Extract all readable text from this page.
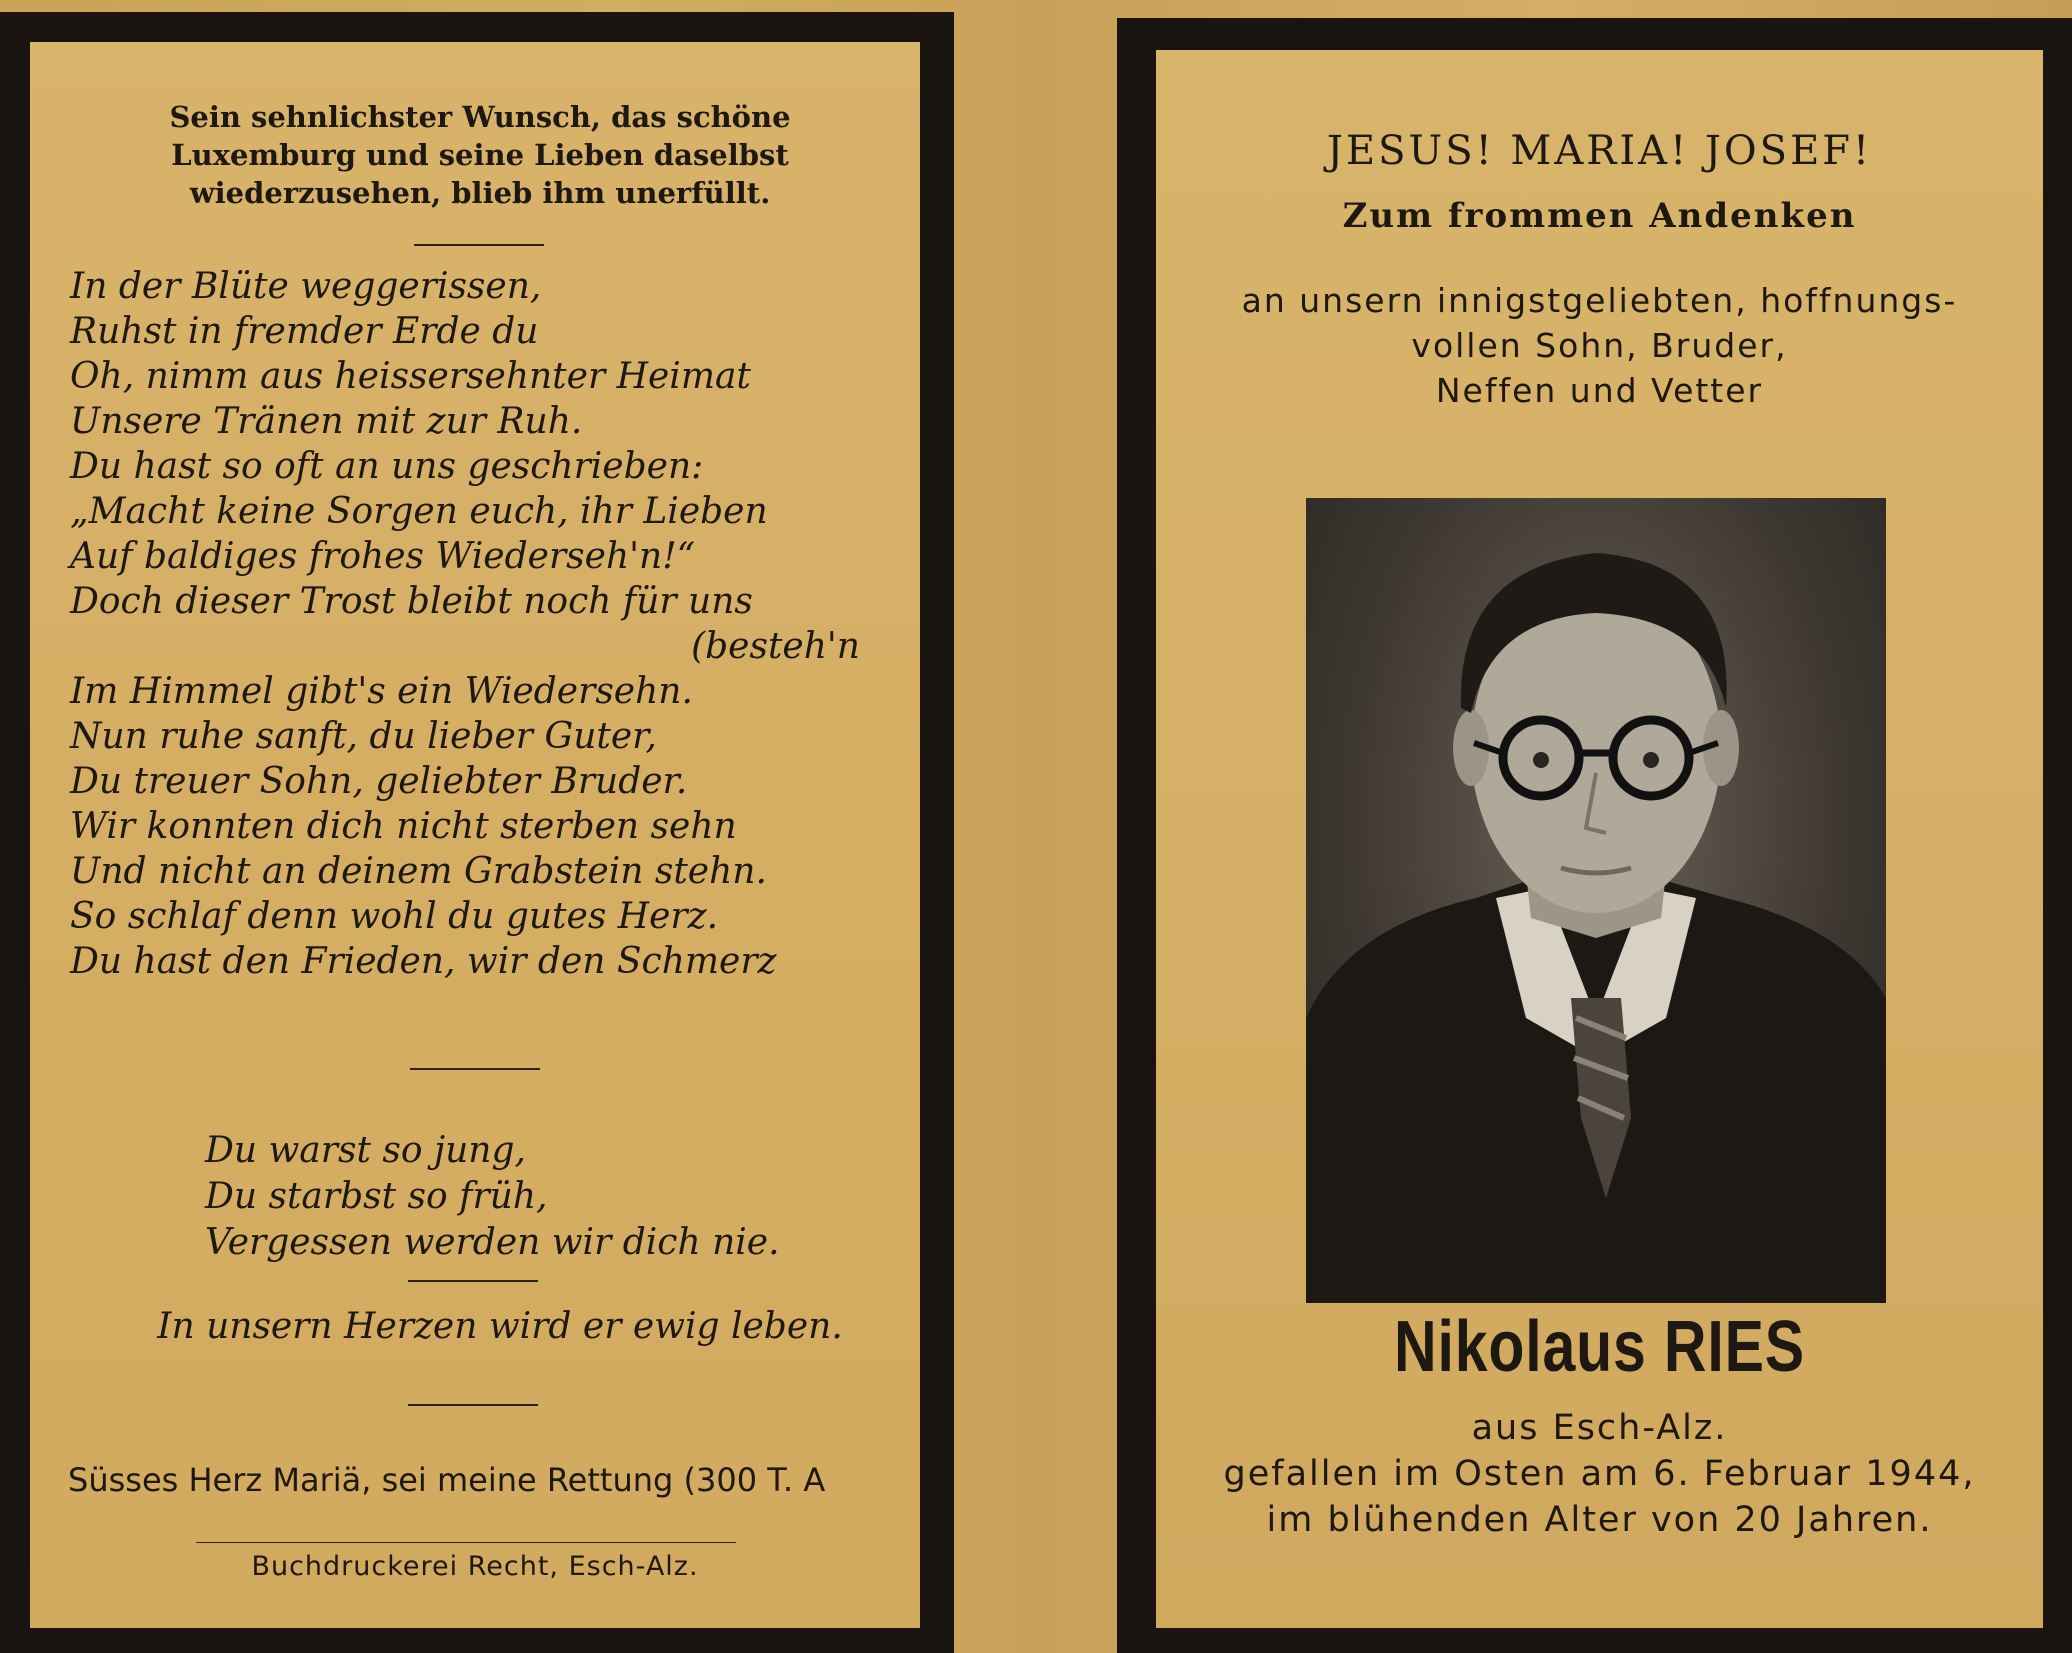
Sein sehnlichster Wunsch, das schöne
Luxemburg und seine Lieben daselbst
wiederzusehen, blieb ihm unerfüllt.
In der Blüte weggerissen,
Ruhst in fremder Erde du
Oh, nimm aus heissersehnter Heimat
Unsere Tränen mit zur Ruh.
Du hast so oft an uns geschrieben:
„Macht keine Sorgen euch, ihr Lieben
Auf baldiges frohes Wiederseh'n!“
Doch dieser Trost bleibt noch für uns
(besteh'n
Im Himmel gibt's ein Wiedersehn.
Nun ruhe sanft, du lieber Guter,
Du treuer Sohn, geliebter Bruder.
Wir konnten dich nicht sterben sehn
Und nicht an deinem Grabstein stehn.
So schlaf denn wohl du gutes Herz.
Du hast den Frieden, wir den Schmerz
Du warst so jung,
Du starbst so früh,
Vergessen werden wir dich nie.
In unsern Herzen wird er ewig leben.
Süsses Herz Mariä, sei meine Rettung (300 T. A
Buchdruckerei Recht, Esch-Alz.
JESUS! MARIA! JOSEF!
Zum frommen Andenken
an unsern innigstgeliebten, hoffnungs-
vollen Sohn, Bruder,
Neffen und Vetter
Nikolaus RIES
aus Esch-Alz.
gefallen im Osten am 6. Februar 1944,
im blühenden Alter von 20 Jahren.
